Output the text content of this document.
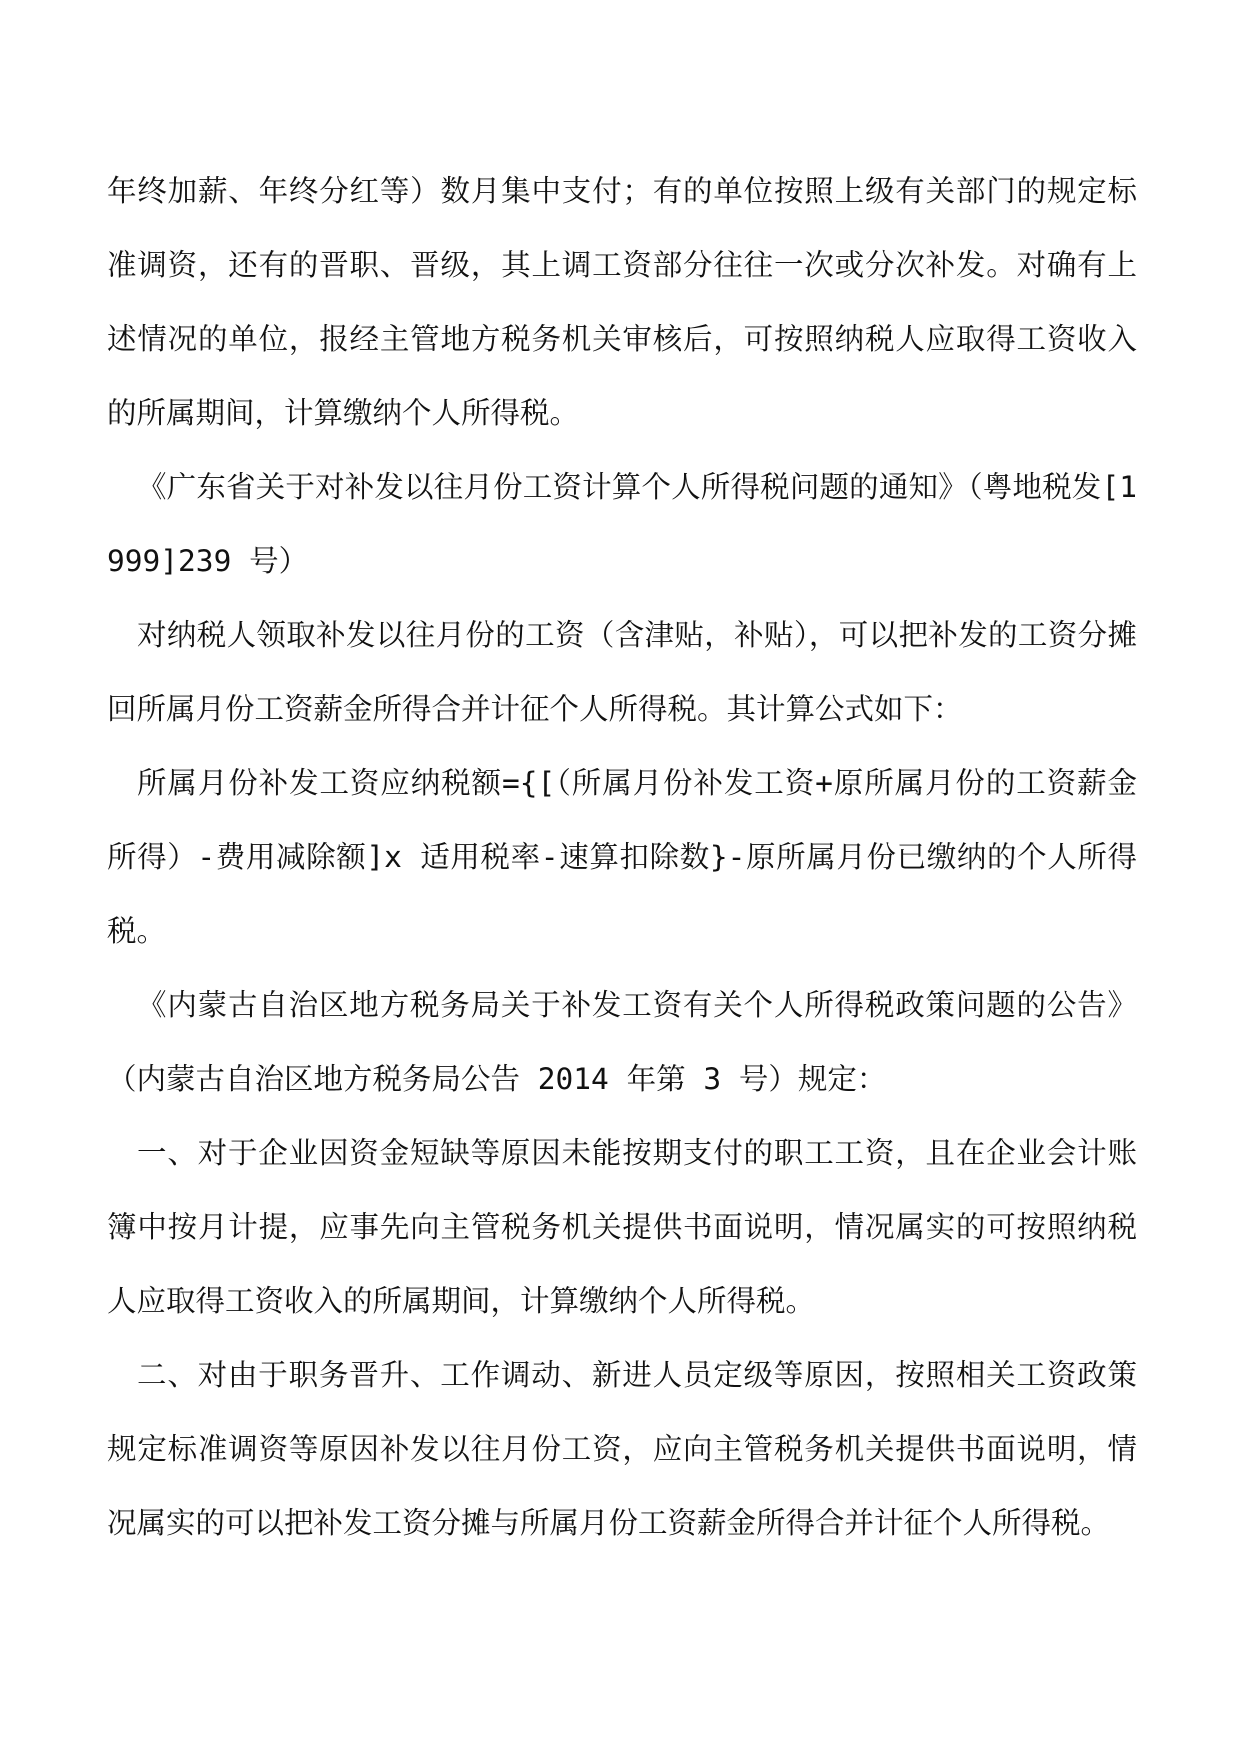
年终加薪、年终分红等）数月集中支付；有的单位按照上级有关部门的规定标准调资，还有的晋职、晋级，其上调工资部分往往一次或分次补发。对确有上述情况的单位，报经主管地方税务机关审核后，可按照纳税人应取得工资收入的所属期间，计算缴纳个人所得税。

《广东省关于对补发以往月份工资计算个人所得税问题的通知》（粤地税发[1999]239 号）

对纳税人领取补发以往月份的工资（含津贴，补贴），可以把补发的工资分摊回所属月份工资薪金所得合并计征个人所得税。其计算公式如下：

所属月份补发工资应纳税额={[（所属月份补发工资+原所属月份的工资薪金所得）-费用减除额]x 适用税率-速算扣除数}-原所属月份已缴纳的个人所得税。

《内蒙古自治区地方税务局关于补发工资有关个人所得税政策问题的公告》（内蒙古自治区地方税务局公告 2014 年第 3 号）规定：

一、对于企业因资金短缺等原因未能按期支付的职工工资，且在企业会计账簿中按月计提，应事先向主管税务机关提供书面说明，情况属实的可按照纳税人应取得工资收入的所属期间，计算缴纳个人所得税。

二、对由于职务晋升、工作调动、新进人员定级等原因，按照相关工资政策规定标准调资等原因补发以往月份工资，应向主管税务机关提供书面说明，情况属实的可以把补发工资分摊与所属月份工资薪金所得合并计征个人所得税。
